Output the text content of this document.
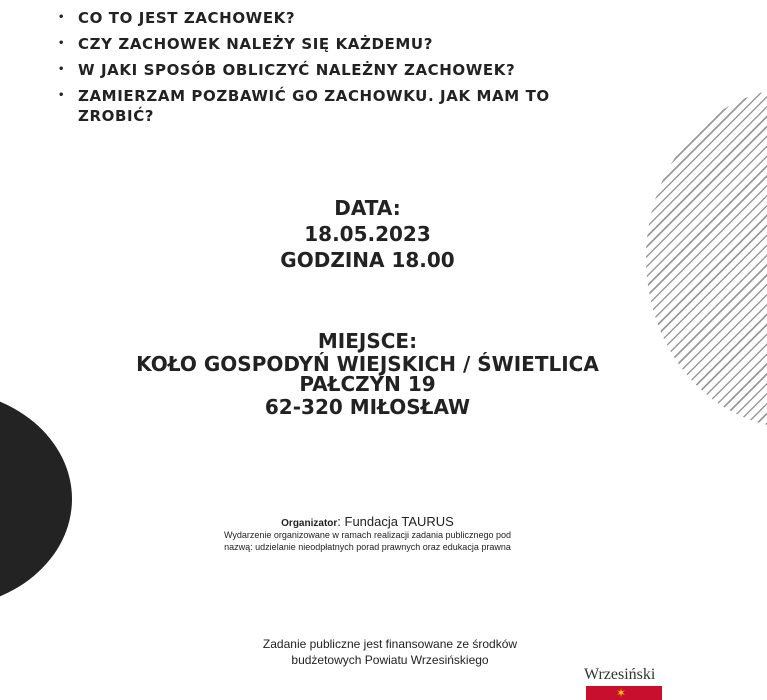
• CO TO JEST ZACHOWEK?
• CZY ZACHOWEK NALEŻY SIĘ KAŻDEMU?
• W JAKI SPOSÓB OBLICZYĆ NALEŻNY ZACHOWEK?
• ZAMIERZAM POZBAWIĆ GO ZACHOWKU. JAK MAM TO ZROBIĆ?
DATA:
18.05.2023
GODZINA 18.00
MIEJSCE:
KOŁO GOSPODYŃ WIEJSKICH / ŚWIETLICA
PAŁCZYN 19
62-320 MIŁOSŁAW
Organizator: Fundacja TAURUS
Wydarzenie organizowane w ramach realizacji zadania publicznego pod
nazwą: udzielanie nieodpłatnych porad prawnych oraz edukacja prawna
Zadanie publiczne jest finansowane ze środków
budżetowych Powiatu Wrzesińskiego
Wrzesiński
✶
